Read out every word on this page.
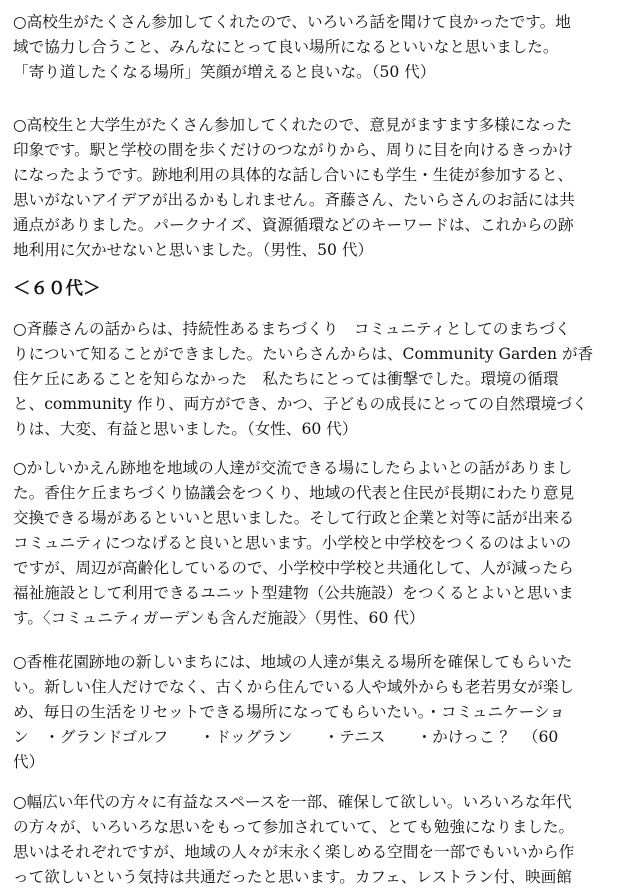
○高校生がたくさん参加してくれたので、いろいろ話を聞けて良かったです。地
域で協力し合うこと、みんなにとって良い場所になるといいなと思いました。
「寄り道したくなる場所」笑顔が増えると良いな。（50 代）
○高校生と大学生がたくさん参加してくれたので、意見がますます多様になった
印象です。駅と学校の間を歩くだけのつながりから、周りに目を向けるきっかけ
になったようです。跡地利用の具体的な話し合いにも学生・生徒が参加すると、
思いがないアイデアが出るかもしれません。斉藤さん、たいらさんのお話には共
通点がありました。パークナイズ、資源循環などのキーワードは、これからの跡
地利用に欠かせないと思いました。（男性、50 代）
＜６０代＞
○斉藤さんの話からは、持続性あるまちづくり　コミュニティとしてのまちづく
りについて知ることができました。たいらさんからは、Community Garden が香
住ケ丘にあることを知らなかった　私たちにとっては衝撃でした。環境の循環
と、community 作り、両方ができ、かつ、子どもの成長にとっての自然環境づく
りは、大変、有益と思いました。（女性、60 代）
○かしいかえん跡地を地域の人達が交流できる場にしたらよいとの話がありまし
た。香住ケ丘まちづくり協議会をつくり、地域の代表と住民が長期にわたり意見
交換できる場があるといいと思いました。そして行政と企業と対等に話が出来る
コミュニティにつなげると良いと思います。小学校と中学校をつくるのはよいの
ですが、周辺が高齢化しているので、小学校中学校と共通化して、人が減ったら
福祉施設として利用できるユニット型建物（公共施設）をつくるとよいと思いま
す。〈コミュニティガーデンも含んだ施設〉（男性、60 代）
○香椎花園跡地の新しいまちには、地域の人達が集える場所を確保してもらいた
い。新しい住人だけでなく、古くから住んでいる人や域外からも老若男女が楽し
め、毎日の生活をリセットできる場所になってもらいたい。・コミュニケーショ
ン　・グランドゴルフ　　・ドッグラン　　・テニス　　・かけっこ ？　（60
代）
○幅広い年代の方々に有益なスペースを一部、確保して欲しい。いろいろな年代
の方々が、いろいろな思いをもって参加されていて、とても勉強になりました。
思いはそれぞれですが、地域の人々が末永く楽しめる空間を一部でもいいから作
って欲しいという気持は共通だったと思います。カフェ、レストラン付、映画館
